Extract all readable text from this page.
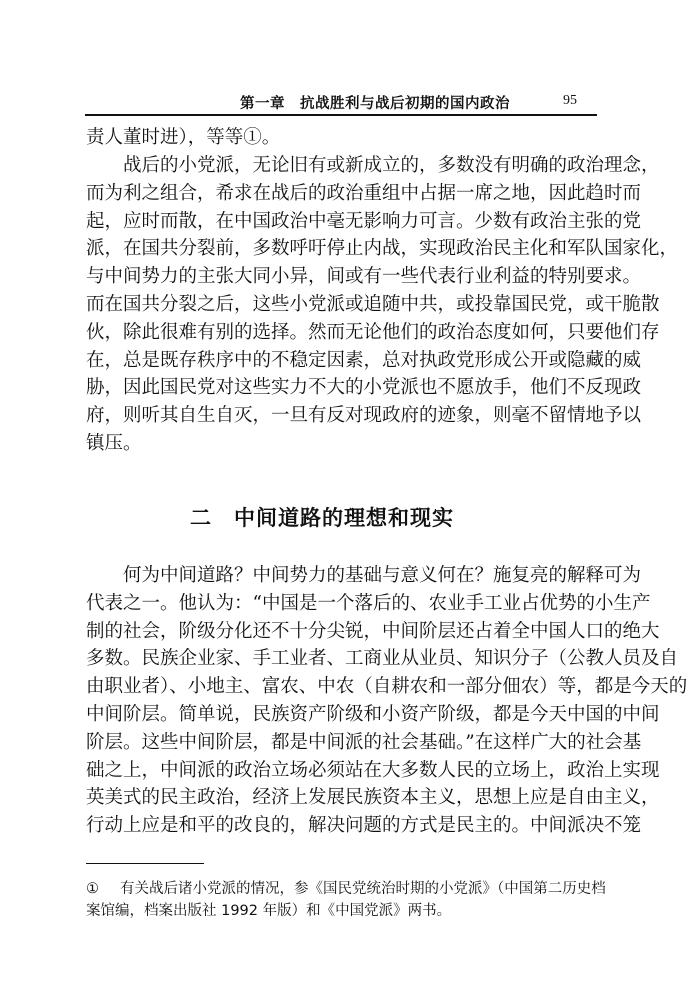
第一章　抗战胜利与战后初期的国内政治	95
责人董时进），等等①。
战后的小党派，无论旧有或新成立的，多数没有明确的政治理念，
而为利之组合，希求在战后的政治重组中占据一席之地，因此趋时而
起，应时而散，在中国政治中毫无影响力可言。少数有政治主张的党
派，在国共分裂前，多数呼吁停止内战，实现政治民主化和军队国家化，
与中间势力的主张大同小异，间或有一些代表行业利益的特别要求。
而在国共分裂之后，这些小党派或追随中共，或投靠国民党，或干脆散
伙，除此很难有别的选择。然而无论他们的政治态度如何，只要他们存
在，总是既存秩序中的不稳定因素，总对执政党形成公开或隐藏的威
胁，因此国民党对这些实力不大的小党派也不愿放手，他们不反现政
府，则听其自生自灭，一旦有反对现政府的迹象，则毫不留情地予以
镇压。
二　中间道路的理想和现实
何为中间道路？中间势力的基础与意义何在？施复亮的解释可为
代表之一。他认为：“中国是一个落后的、农业手工业占优势的小生产
制的社会，阶级分化还不十分尖锐，中间阶层还占着全中国人口的绝大
多数。民族企业家、手工业者、工商业从业员、知识分子（公教人员及自
由职业者）、小地主、富农、中农（自耕农和一部分佃农）等，都是今天的
中间阶层。简单说，民族资产阶级和小资产阶级，都是今天中国的中间
阶层。这些中间阶层，都是中间派的社会基础。”在这样广大的社会基
础之上，中间派的政治立场必须站在大多数人民的立场上，政治上实现
英美式的民主政治，经济上发展民族资本主义，思想上应是自由主义，
行动上应是和平的改良的，解决问题的方式是民主的。中间派决不笼
①	有关战后诸小党派的情况，参《国民党统治时期的小党派》（中国第二历史档
案馆编，档案出版社 1992 年版）和《中国党派》两书。
